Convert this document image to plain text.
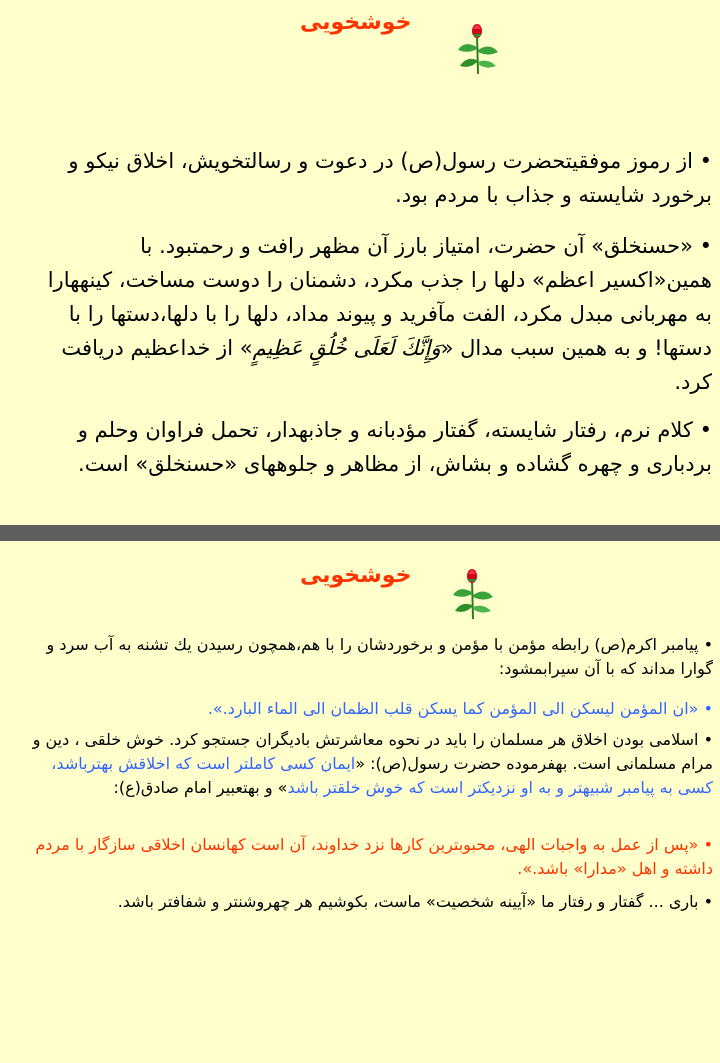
خوشخویی
• از رموز موفقیتحضرت رسول(ص) در دعوت و رسالتخویش، اخلاق نیکو و برخورد شایسته و جذاب با مردم بود.
• «حسنخلق» آن حضرت، امتیاز بارز آن مظهر رافت و رحمتبود. با همین«اکسیر اعظم» دلها را جذب مکرد، دشمنان را دوست مساخت، کینههارا به مهربانی مبدل مکرد، الفت مآفرید و پیوند مداد، دلها را با دلها،دستها را با دستها! و به همین سبب مدال «وَإِنَّكَ لَعَلَى خُلُقٍ عَظِيمٍ» از خداعظیم دریافت کرد.
• کلام نرم، رفتار شایسته، گفتار مؤدبانه و جاذبهدار، تحمل فراوان وحلم و بردباری و چهره گشاده و بشاش، از مظاهر و جلوههای «حسنخلق» است.
خوشخویی
• پیامبر اکرم(ص) رابطه مؤمن با مؤمن و برخوردشان را با هم،همچون رسیدن یك تشنه به آب سرد و گوارا مداند که با آن سیرابمشود:
• «ان المؤمن لیسكن الی المؤمن كما یسكن قلب الظمان الی الماء البارد.».
• اسلامی بودن اخلاق هر مسلمان را باید در نحوه معاشرتش بادیگران جستجو کرد. خوش خلقی ، دین و مرام مسلمانی است. بهفرموده حضرت رسول(ص): «ایمان کسی کاملتر است که اخلاقش بهترباشد، کسی به پیامبر شبیهتر و به او نزدیکتر است که خوش خلقتر باشد» و بهتعبیر امام صادق(ع):
• «پس از عمل به واجبات الهی، محبوبترین کارها نزد خداوند، آن است کهانسان اخلاقی سازگار با مردم داشته و اهل «مدارا» باشد.».
• باری ... گفتار و رفتار ما «آیینه شخصیت» ماست، بکوشیم هر چهروشنتر و شفافتر باشد.
